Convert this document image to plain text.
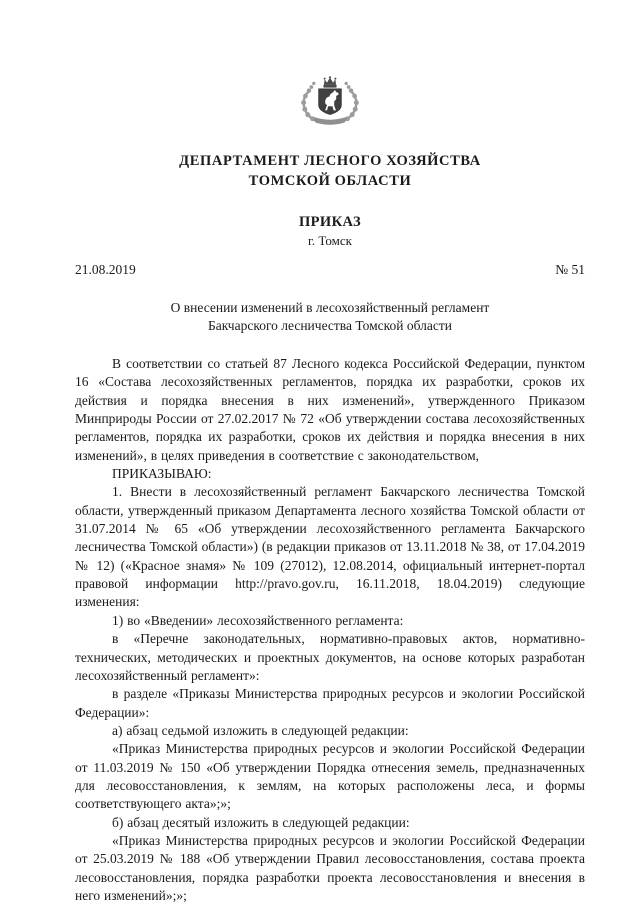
ДЕПАРТАМЕНТ ЛЕСНОГО ХОЗЯЙСТВА
ТОМСКОЙ ОБЛАСТИ
ПРИКАЗ
г. Томск
21.08.2019	№ 51
О внесении изменений в лесохозяйственный регламент
Бакчарского лесничества Томской области

В соответствии со статьей 87 Лесного кодекса Российской Федерации, пунктом 16 «Состава лесохозяйственных регламентов, порядка их разработки, сроков их действия и порядка внесения в них изменений», утвержденного Приказом Минприроды России от 27.02.2017 № 72 «Об утверждении состава лесохозяйственных регламентов, порядка их разработки, сроков их действия и порядка внесения в них изменений», в целях приведения в соответствие с законодательством,

ПРИКАЗЫВАЮ:

1. Внести в лесохозяйственный регламент Бакчарского лесничества Томской области, утвержденный приказом Департамента лесного хозяйства Томской области от 31.07.2014 № 65 «Об утверждении лесохозяйственного регламента Бакчарского лесничества Томской области») (в редакции приказов от 13.11.2018 № 38, от 17.04.2019 № 12) («Красное знамя» № 109 (27012), 12.08.2014, официальный интернет-портал правовой информации http://pravo.gov.ru, 16.11.2018, 18.04.2019) следующие изменения:

1) во «Введении» лесохозяйственного регламента:

в «Перечне законодательных, нормативно-правовых актов, нормативно-технических, методических и проектных документов, на основе которых разработан лесохозяйственный регламент»:

в разделе «Приказы Министерства природных ресурсов и экологии Российской Федерации»:

а) абзац седьмой изложить в следующей редакции:

«Приказ Министерства природных ресурсов и экологии Российской Федерации от 11.03.2019 № 150 «Об утверждении Порядка отнесения земель, предназначенных для лесовосстановления, к землям, на которых расположены леса, и формы соответствующего акта»;»;

б) абзац десятый изложить в следующей редакции:

«Приказ Министерства природных ресурсов и экологии Российской Федерации от 25.03.2019 № 188 «Об утверждении Правил лесовосстановления, состава проекта лесовосстановления, порядка разработки проекта лесовосстановления и внесения в него изменений»;»;
